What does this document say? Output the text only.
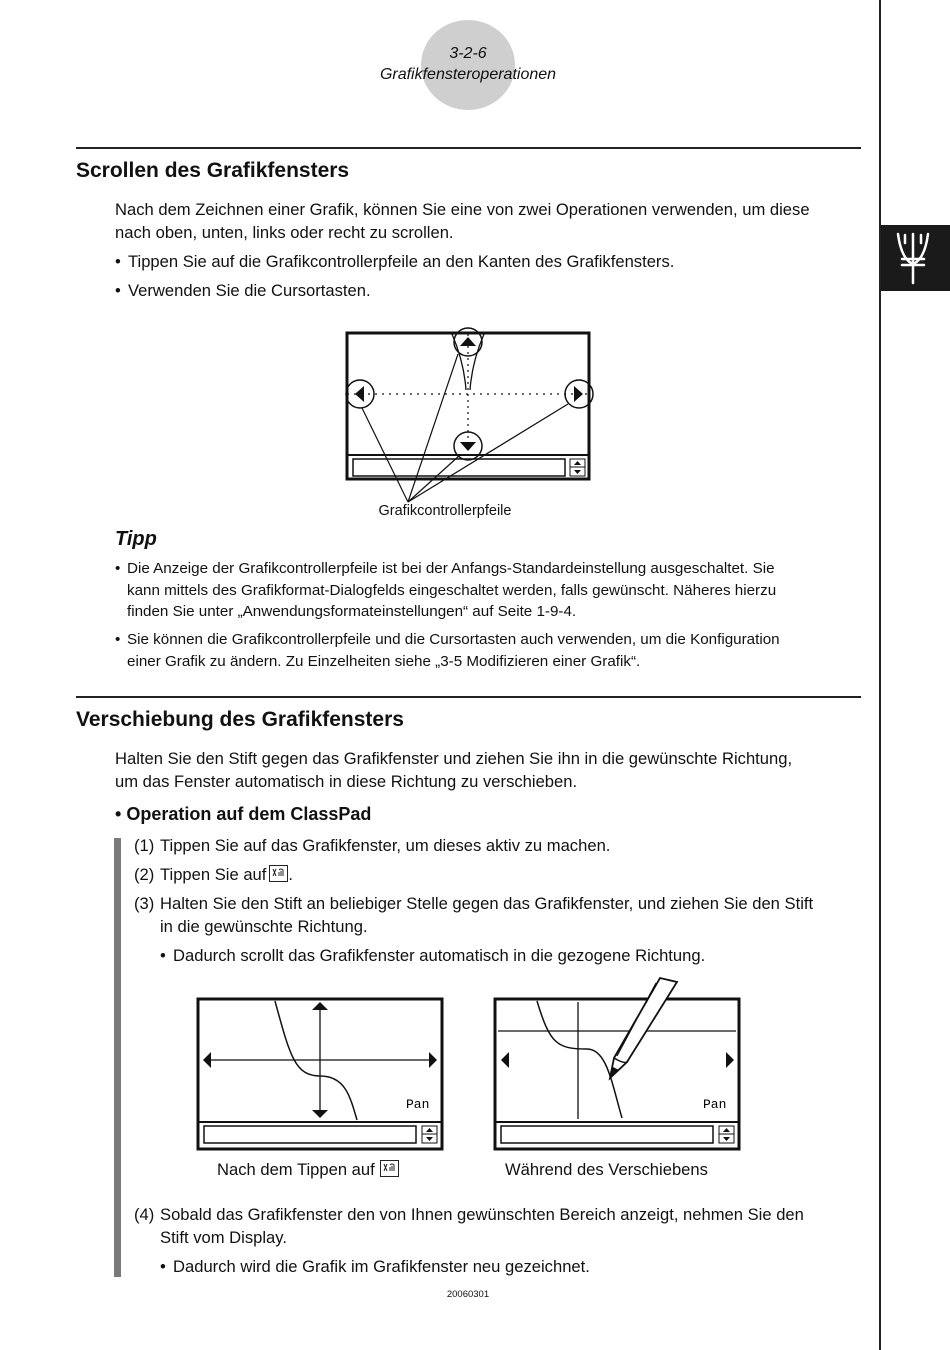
3-2-6
Grafikfensteroperationen
Scrollen des Grafikfensters
Nach dem Zeichnen einer Grafik, können Sie eine von zwei Operationen verwenden, um diese
nach oben, unten, links oder recht zu scrollen.
• Tippen Sie auf die Grafikcontrollerpfeile an den Kanten des Grafikfensters.
• Verwenden Sie die Cursortasten.
Grafikcontrollerpfeile
Tipp
• Die Anzeige der Grafikcontrollerpfeile ist bei der Anfangs-Standardeinstellung ausgeschaltet. Sie
kann mittels des Grafikformat-Dialogfelds eingeschaltet werden, falls gewünscht. Näheres hierzu
finden Sie unter „Anwendungsformateinstellungen“ auf Seite 1-9-4.
• Sie können die Grafikcontrollerpfeile und die Cursortasten auch verwenden, um die Konfiguration
einer Grafik zu ändern. Zu Einzelheiten siehe „3-5 Modifizieren einer Grafik“.
Verschiebung des Grafikfensters
Halten Sie den Stift gegen das Grafikfenster und ziehen Sie ihn in die gewünschte Richtung,
um das Fenster automatisch in diese Richtung zu verschieben.
• Operation auf dem ClassPad
(1) Tippen Sie auf das Grafikfenster, um dieses aktiv zu machen.
(2) Tippen Sie auf .
(3) Halten Sie den Stift an beliebiger Stelle gegen das Grafikfenster, und ziehen Sie den Stift
in die gewünschte Richtung.
• Dadurch scrollt das Grafikfenster automatisch in die gezogene Richtung.
Pan	Pan
Nach dem Tippen auf	Während des Verschiebens
(4) Sobald das Grafikfenster den von Ihnen gewünschten Bereich anzeigt, nehmen Sie den
Stift vom Display.
• Dadurch wird die Grafik im Grafikfenster neu gezeichnet.
20060301
